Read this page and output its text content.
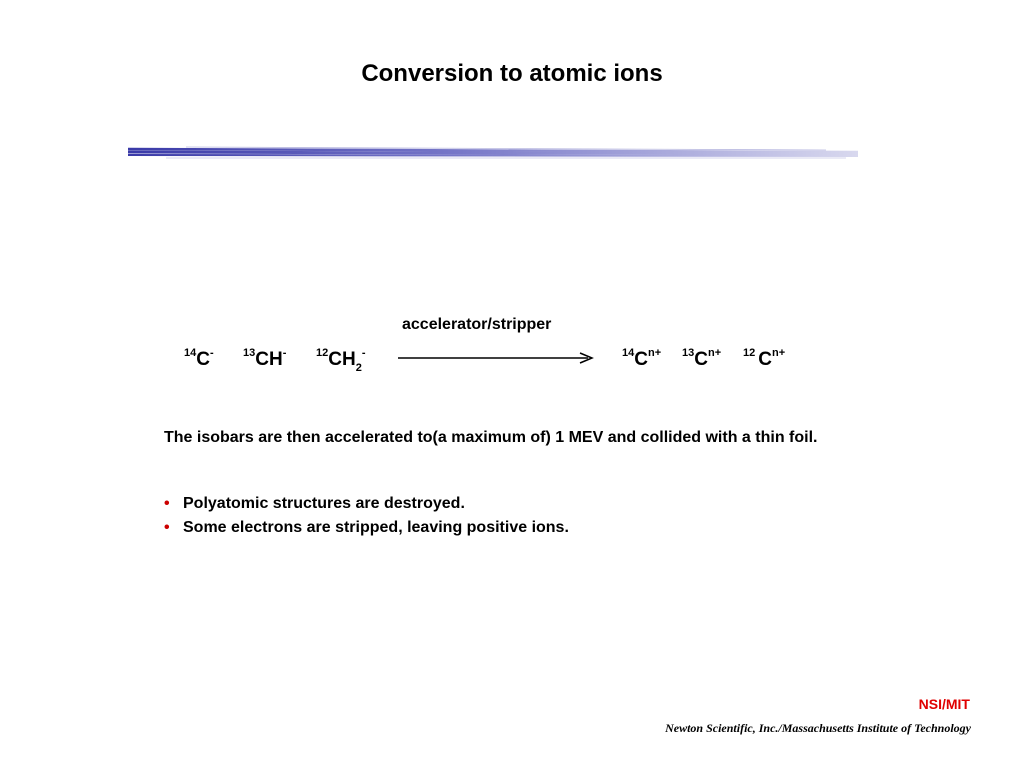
Conversion to atomic ions
accelerator/stripper
$^{14}$C-	$^{13}$CH-	$^{12}CH_2^-$	$^{14}C^{n+}$ $^{13}C^{n+}$ $^{12}$ $C^{n+}$
The isobars are then accelerated to(a maximum of) 1 MEV and collided with a thin foil.
• Polyatomic structures are destroyed.
• Some electrons are stripped, leaving positive ions.
NSI/MIT
Newton Scientific, Inc./Massachusetts Institute of Technology
